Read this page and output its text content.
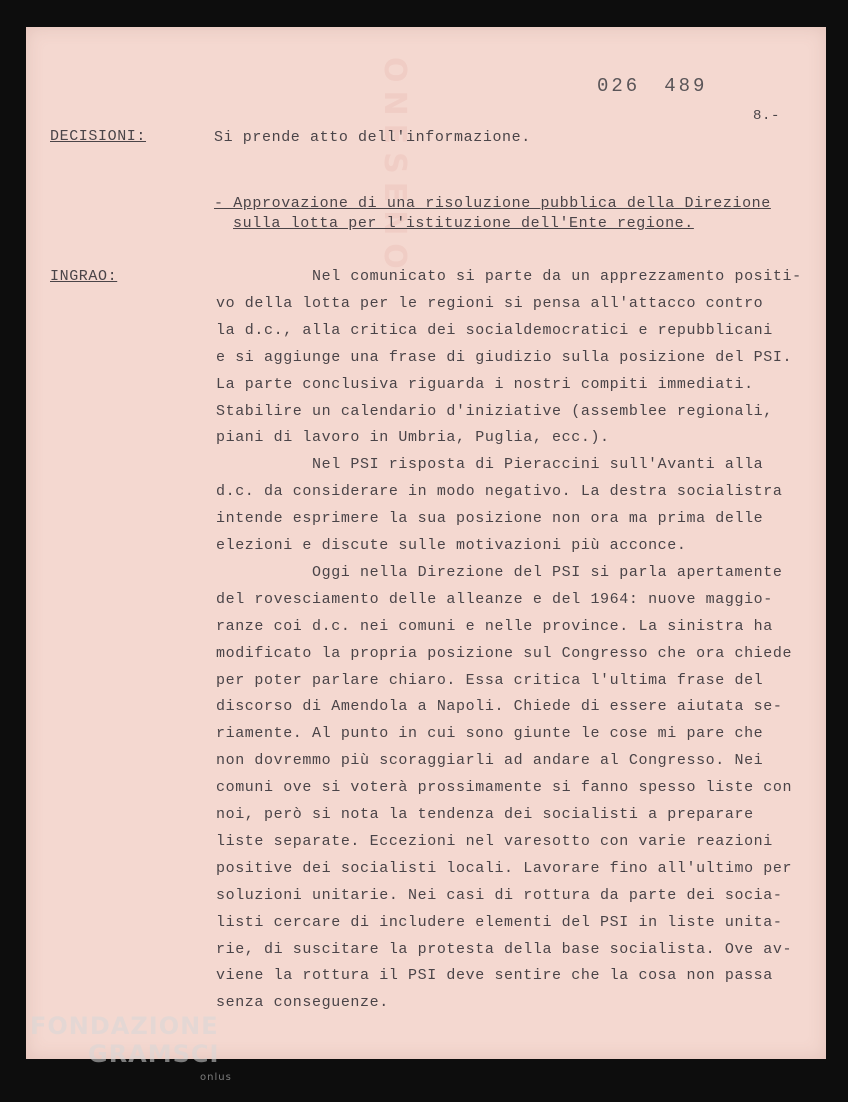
ONESENO	026 489
8.-
DECISIONI:	Si prende atto dell'informazione.
- Approvazione di una risoluzione pubblica della Direzione
sulla lotta per l'istituzione dell'Ente regione.
INGRAO:	Nel comunicato si parte da un apprezzamento positi-
vo della lotta per le regioni si pensa all'attacco contro
la d.c., alla critica dei socialdemocratici e repubblicani
e si aggiunge una frase di giudizio sulla posizione del PSI.
La parte conclusiva riguarda i nostri compiti immediati.
Stabilire un calendario d'iniziative (assemblee regionali,
piani di lavoro in Umbria, Puglia, ecc.).
Nel PSI risposta di Pieraccini sull'Avanti alla
d.c. da considerare in modo negativo. La destra socialistra
intende esprimere la sua posizione non ora ma prima delle
elezioni e discute sulle motivazioni più acconce.
Oggi nella Direzione del PSI si parla apertamente
del rovesciamento delle alleanze e del 1964: nuove maggio-
ranze coi d.c. nei comuni e nelle province. La sinistra ha
modificato la propria posizione sul Congresso che ora chiede
per poter parlare chiaro. Essa critica l'ultima frase del
discorso di Amendola a Napoli. Chiede di essere aiutata se-
riamente. Al punto in cui sono giunte le cose mi pare che
non dovremmo più scoraggiarli ad andare al Congresso. Nei
comuni ove si voterà prossimamente si fanno spesso liste con
noi, però si nota la tendenza dei socialisti a preparare
liste separate. Eccezioni nel varesotto con varie reazioni
positive dei socialisti locali. Lavorare fino all'ultimo per
soluzioni unitarie. Nei casi di rottura da parte dei socia-
listi cercare di includere elementi del PSI in liste unita-
rie, di suscitare la protesta della base socialista. Ove av-
viene la rottura il PSI deve sentire che la cosa non passa
senza conseguenze.
FONDAZIONE
GRAMSCI
onlus
